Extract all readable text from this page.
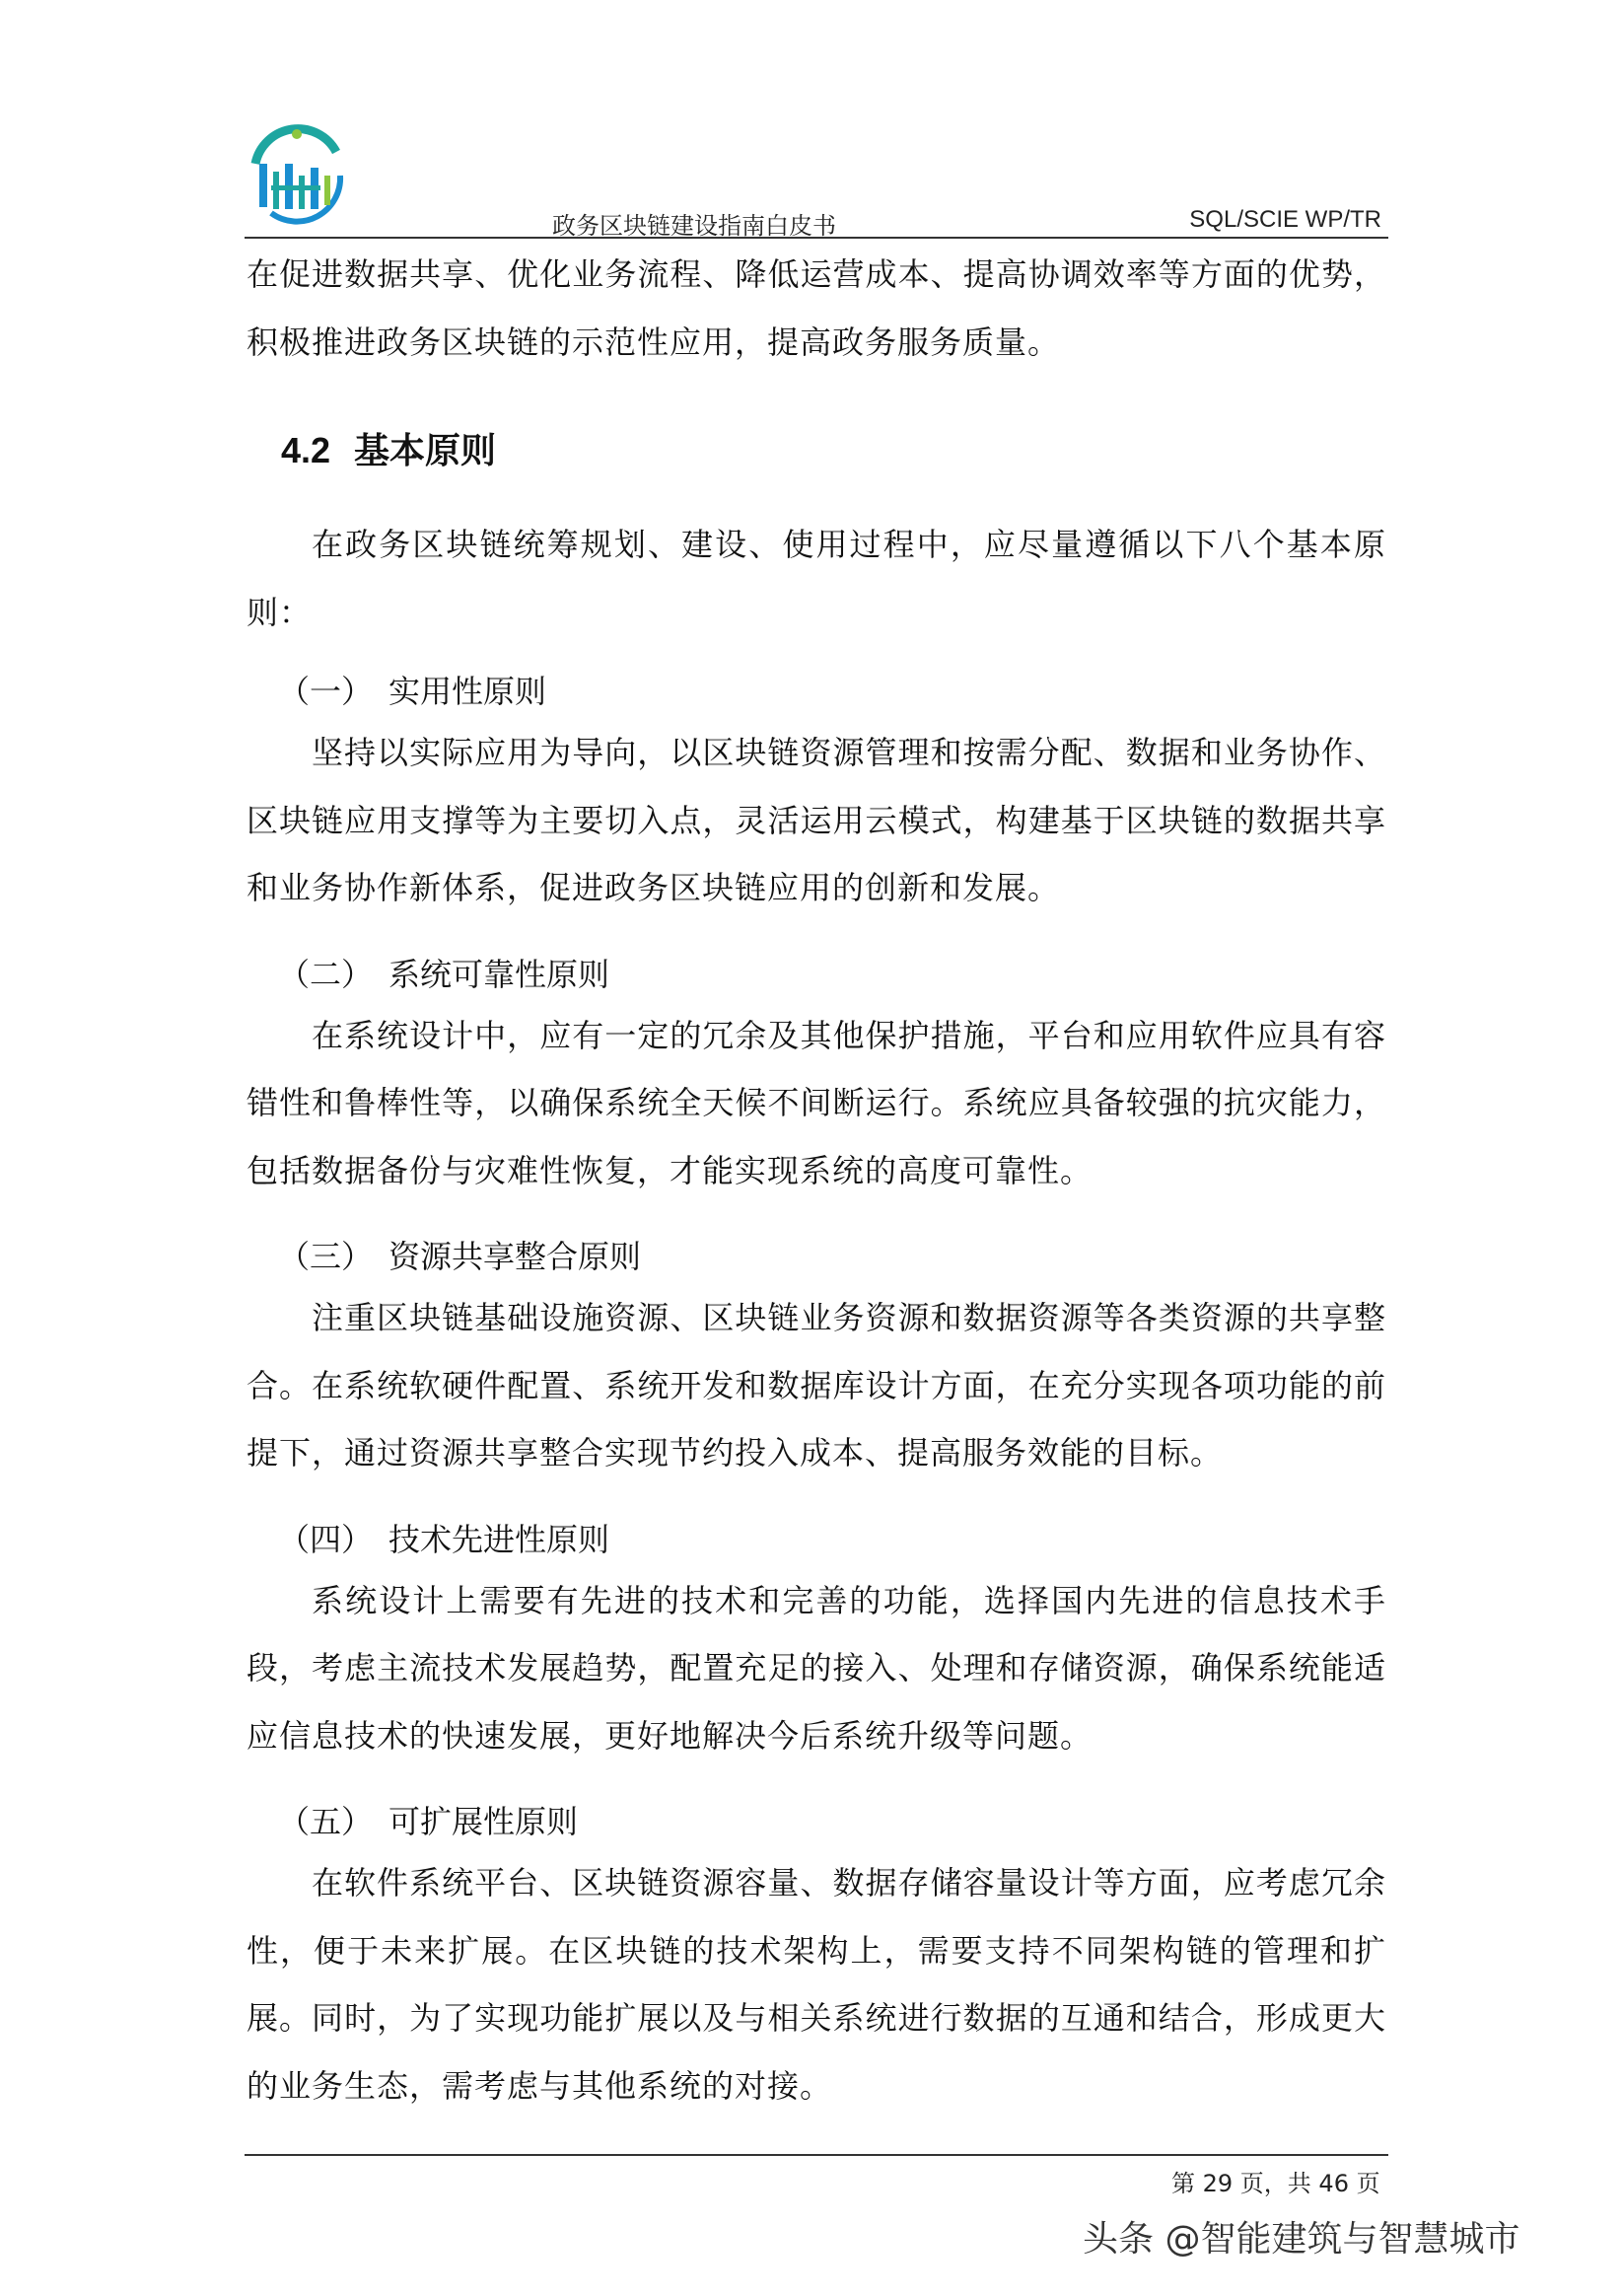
政务区块链建设指南白皮书	SQL/SCIE WP/TR

在促进数据共享、优化业务流程、降低运营成本、提高协调效率等方面的优势，积极推进政务区块链的示范性应用，提高政务服务质量。

4.2 基本原则

在政务区块链统筹规划、建设、使用过程中，应尽量遵循以下八个基本原则：

（一） 实用性原则

坚持以实际应用为导向，以区块链资源管理和按需分配、数据和业务协作、区块链应用支撑等为主要切入点，灵活运用云模式，构建基于区块链的数据共享和业务协作新体系，促进政务区块链应用的创新和发展。

（二） 系统可靠性原则

在系统设计中，应有一定的冗余及其他保护措施，平台和应用软件应具有容错性和鲁棒性等，以确保系统全天候不间断运行。系统应具备较强的抗灾能力，包括数据备份与灾难性恢复，才能实现系统的高度可靠性。

（三） 资源共享整合原则

注重区块链基础设施资源、区块链业务资源和数据资源等各类资源的共享整合。在系统软硬件配置、系统开发和数据库设计方面，在充分实现各项功能的前提下，通过资源共享整合实现节约投入成本、提高服务效能的目标。

（四） 技术先进性原则

系统设计上需要有先进的技术和完善的功能，选择国内先进的信息技术手段，考虑主流技术发展趋势，配置充足的接入、处理和存储资源，确保系统能适应信息技术的快速发展，更好地解决今后系统升级等问题。

（五） 可扩展性原则

在软件系统平台、区块链资源容量、数据存储容量设计等方面，应考虑冗余性，便于未来扩展。在区块链的技术架构上，需要支持不同架构链的管理和扩展。同时，为了实现功能扩展以及与相关系统进行数据的互通和结合，形成更大的业务生态，需考虑与其他系统的对接。

第 29 页，共 46 页
头条 @智能建筑与智慧城市
